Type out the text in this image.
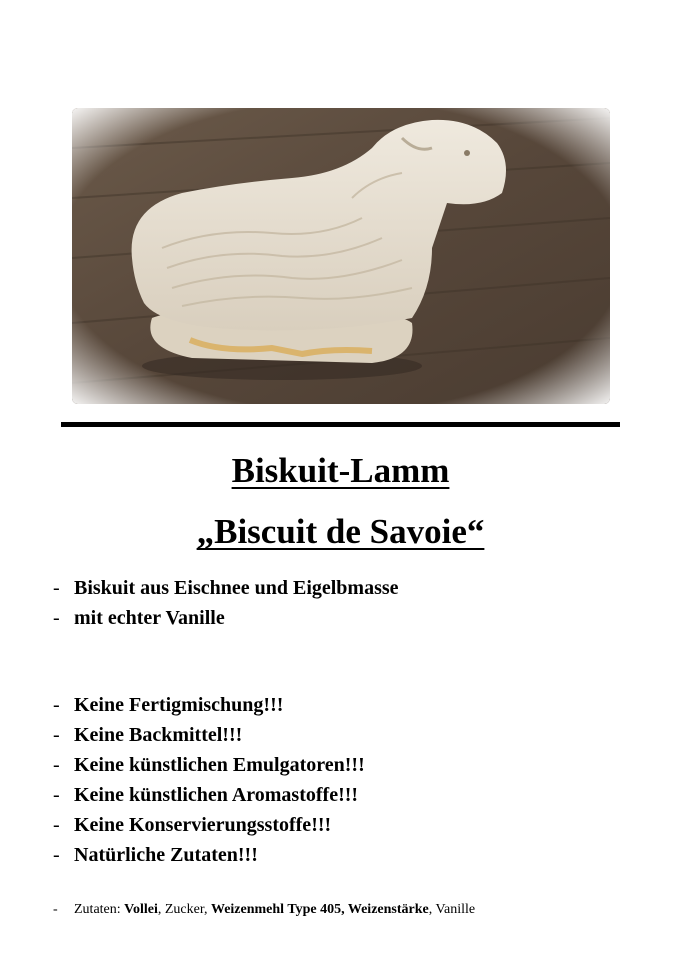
Biskuit-Lamm
„Biscuit de Savoie“
- Biskuit aus Eischnee und Eigelbmasse
- mit echter Vanille
- Keine Fertigmischung!!!
- Keine Backmittel!!!
- Keine künstlichen Emulgatoren!!!
- Keine künstlichen Aromastoffe!!!
- Keine Konservierungsstoffe!!!
- Natürliche Zutaten!!!
- Zutaten: Vollei, Zucker, Weizenmehl Type 405, Weizenstärke, Vanille
